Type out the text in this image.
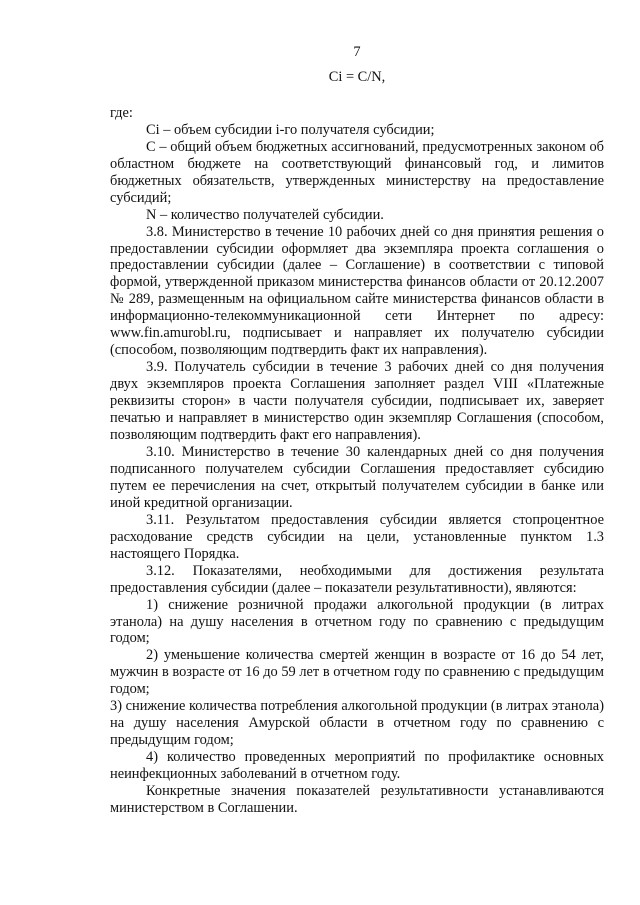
7
Ci = C/N,

где:

Ci – объем субсидии i-го получателя субсидии;

С – общий объем бюджетных ассигнований, предусмотренных законом об областном бюджете на соответствующий финансовый год, и лимитов бюджетных обязательств, утвержденных министерству на предоставление субсидий;

N – количество получателей субсидии.

3.8. Министерство в течение 10 рабочих дней со дня принятия решения о предоставлении субсидии оформляет два экземпляра проекта соглашения о предоставлении субсидии (далее – Соглашение) в соответствии с типовой формой, утвержденной приказом министерства финансов области от 20.12.2007 № 289, размещенным на официальном сайте министерства финансов области в информационно-телекоммуникационной сети Интернет по адресу: www.fin.amurobl.ru, подписывает и направляет их получателю субсидии (способом, позволяющим подтвердить факт их направления).

3.9. Получатель субсидии в течение 3 рабочих дней со дня получения двух экземпляров проекта Соглашения заполняет раздел VIII «Платежные реквизиты сторон» в части получателя субсидии, подписывает их, заверяет печатью и направляет в министерство один экземпляр Соглашения (способом, позволяющим подтвердить факт его направления).

3.10. Министерство в течение 30 календарных дней со дня получения подписанного получателем субсидии Соглашения предоставляет субсидию путем ее перечисления на счет, открытый получателем субсидии в банке или иной кредитной организации.

3.11. Результатом предоставления субсидии является стопроцентное расходование средств субсидии на цели, установленные пунктом 1.3 настоящего Порядка.

3.12. Показателями, необходимыми для достижения результата предоставления субсидии (далее – показатели результативности), являются:

1) снижение розничной продажи алкогольной продукции (в литрах этанола) на душу населения в отчетном году по сравнению с предыдущим годом;

2) уменьшение количества смертей женщин в возрасте от 16 до 54 лет, мужчин в возрасте от 16 до 59 лет в отчетном году по сравнению с предыдущим годом;

3) снижение количества потребления алкогольной продукции (в литрах этанола) на душу населения Амурской области в отчетном году по сравнению с предыдущим годом;

4) количество проведенных мероприятий по профилактике основных неинфекционных заболеваний в отчетном году.

Конкретные значения показателей результативности устанавливаются министерством в Соглашении.
